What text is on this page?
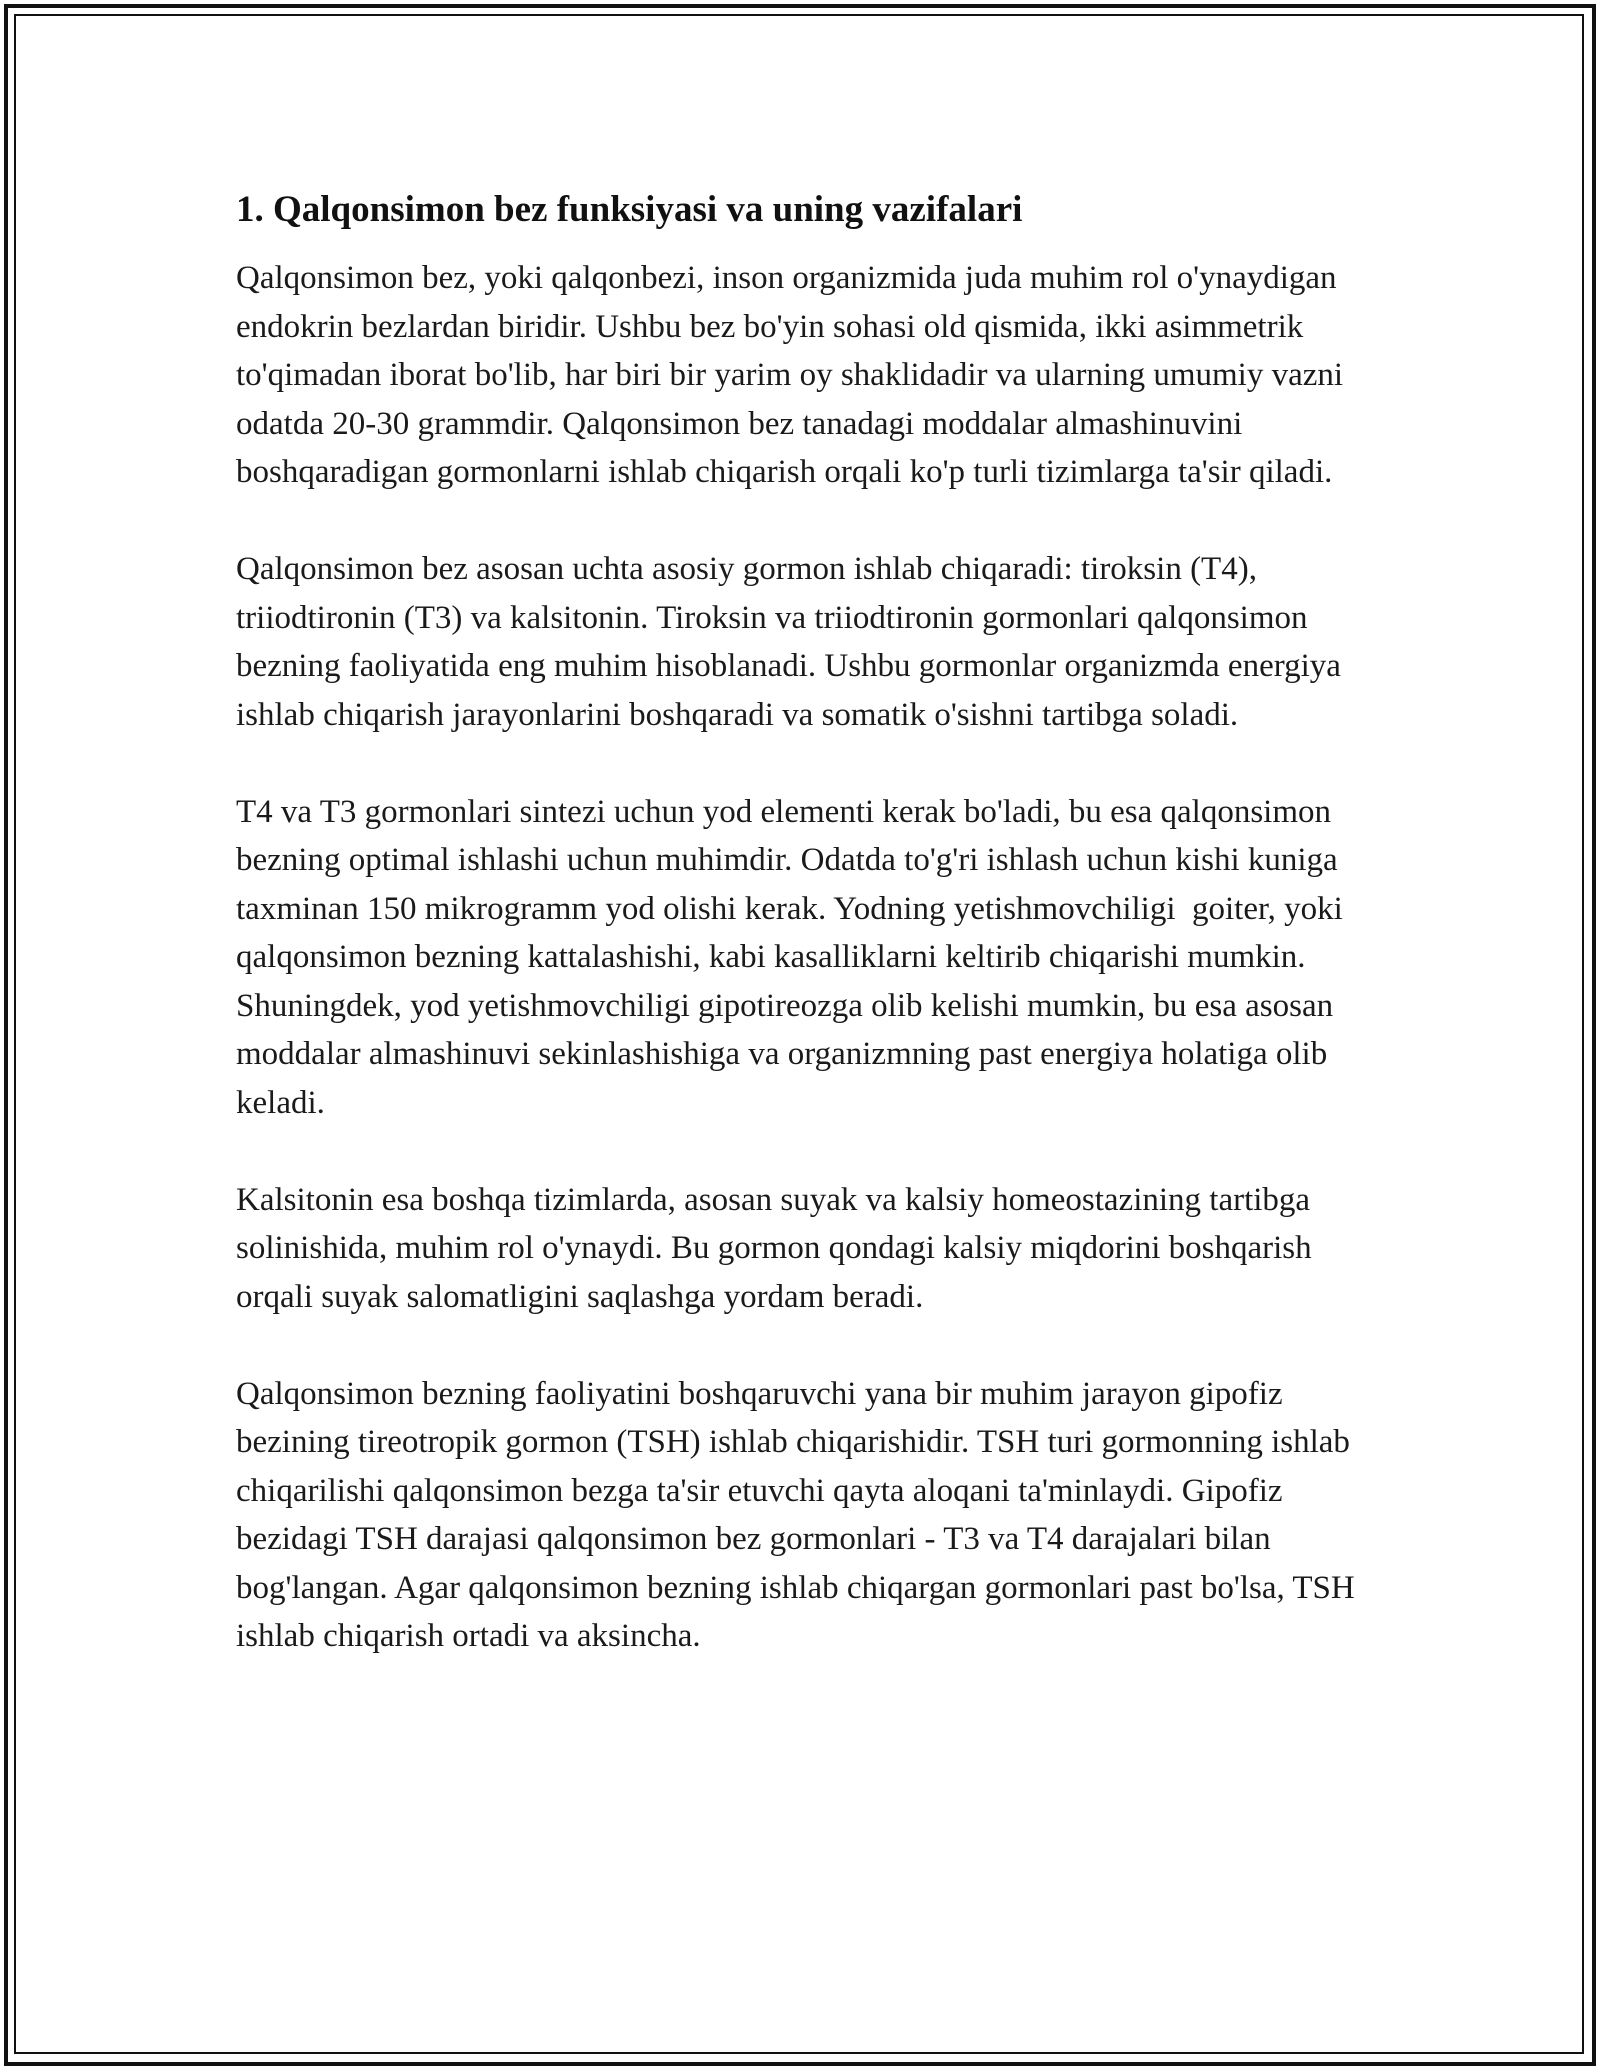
1. Qalqonsimon bez funksiyasi va uning vazifalari

Qalqonsimon bez, yoki qalqonbezi, inson organizmida juda muhim rol o'ynaydigan endokrin bezlardan biridir. Ushbu bez bo'yin sohasi old qismida, ikki asimmetrik to'qimadan iborat bo'lib, har biri bir yarim oy shaklidadir va ularning umumiy vazni odatda 20-30 grammdir. Qalqonsimon bez tanadagi moddalar almashinuvini boshqaradigan gormonlarni ishlab chiqarish orqali ko'p turli tizimlarga ta'sir qiladi.

Qalqonsimon bez asosan uchta asosiy gormon ishlab chiqaradi: tiroksin (T4), triiodtironin (T3) va kalsitonin. Tiroksin va triiodtironin gormonlari qalqonsimon bezning faoliyatida eng muhim hisoblanadi. Ushbu gormonlar organizmda energiya ishlab chiqarish jarayonlarini boshqaradi va somatik o'sishni tartibga soladi.

T4 va T3 gormonlari sintezi uchun yod elementi kerak bo'ladi, bu esa qalqonsimon bezning optimal ishlashi uchun muhimdir. Odatda to'g'ri ishlash uchun kishi kuniga taxminan 150 mikrogramm yod olishi kerak. Yodning yetishmovchiligi  goiter, yoki qalqonsimon bezning kattalashishi, kabi kasalliklarni keltirib chiqarishi mumkin. Shuningdek, yod yetishmovchiligi gipotireozga olib kelishi mumkin, bu esa asosan moddalar almashinuvi sekinlashishiga va organizmning past energiya holatiga olib keladi.

Kalsitonin esa boshqa tizimlarda, asosan suyak va kalsiy homeostazining tartibga solinishida, muhim rol o'ynaydi. Bu gormon qondagi kalsiy miqdorini boshqarish orqali suyak salomatligini saqlashga yordam beradi.

Qalqonsimon bezning faoliyatini boshqaruvchi yana bir muhim jarayon gipofiz bezining tireotropik gormon (TSH) ishlab chiqarishidir. TSH turi gormonning ishlab chiqarilishi qalqonsimon bezga ta'sir etuvchi qayta aloqani ta'minlaydi. Gipofiz bezidagi TSH darajasi qalqonsimon bez gormonlari - T3 va T4 darajalari bilan bog'langan. Agar qalqonsimon bezning ishlab chiqargan gormonlari past bo'lsa, TSH ishlab chiqarish ortadi va aksincha.
